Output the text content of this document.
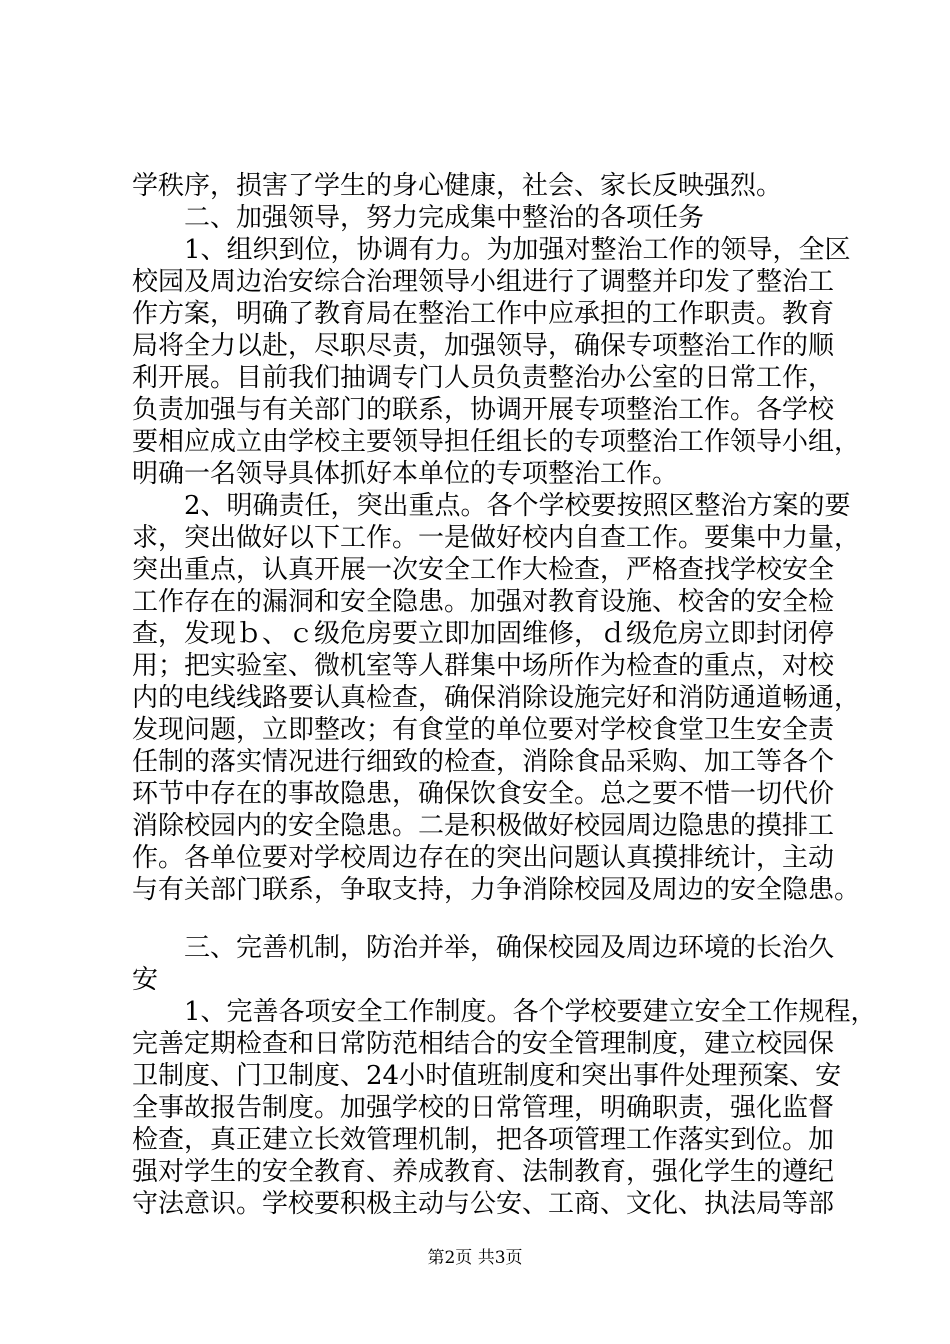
学秩序，损害了学生的身心健康，社会、家长反映强烈。
　　二、加强领导，努力完成集中整治的各项任务
　　1、组织到位，协调有力。为加强对整治工作的领导，全区
校园及周边治安综合治理领导小组进行了调整并印发了整治工
作方案，明确了教育局在整治工作中应承担的工作职责。教育
局将全力以赴，尽职尽责，加强领导，确保专项整治工作的顺
利开展。目前我们抽调专门人员负责整治办公室的日常工作，
负责加强与有关部门的联系，协调开展专项整治工作。各学校
要相应成立由学校主要领导担任组长的专项整治工作领导小组，
明确一名领导具体抓好本单位的专项整治工作。
　　2、明确责任，突出重点。各个学校要按照区整治方案的要
求，突出做好以下工作。一是做好校内自查工作。要集中力量，
突出重点，认真开展一次安全工作大检查，严格查找学校安全
工作存在的漏洞和安全隐患。加强对教育设施、校舍的安全检
查，发现ｂ、ｃ级危房要立即加固维修，ｄ级危房立即封闭停
用；把实验室、微机室等人群集中场所作为检查的重点，对校
内的电线线路要认真检查，确保消除设施完好和消防通道畅通，
发现问题，立即整改；有食堂的单位要对学校食堂卫生安全责
任制的落实情况进行细致的检查，消除食品采购、加工等各个
环节中存在的事故隐患，确保饮食安全。总之要不惜一切代价
消除校园内的安全隐患。二是积极做好校园周边隐患的摸排工
作。各单位要对学校周边存在的突出问题认真摸排统计，主动
与有关部门联系，争取支持，力争消除校园及周边的安全隐患。
　　三、完善机制，防治并举，确保校园及周边环境的长治久
安
　　1、完善各项安全工作制度。各个学校要建立安全工作规程，
完善定期检查和日常防范相结合的安全管理制度，建立校园保
卫制度、门卫制度、24小时值班制度和突出事件处理预案、安
全事故报告制度。加强学校的日常管理，明确职责，强化监督
检查，真正建立长效管理机制，把各项管理工作落实到位。加
强对学生的安全教育、养成教育、法制教育，强化学生的遵纪
守法意识。学校要积极主动与公安、工商、文化、执法局等部
第2页 共3页
